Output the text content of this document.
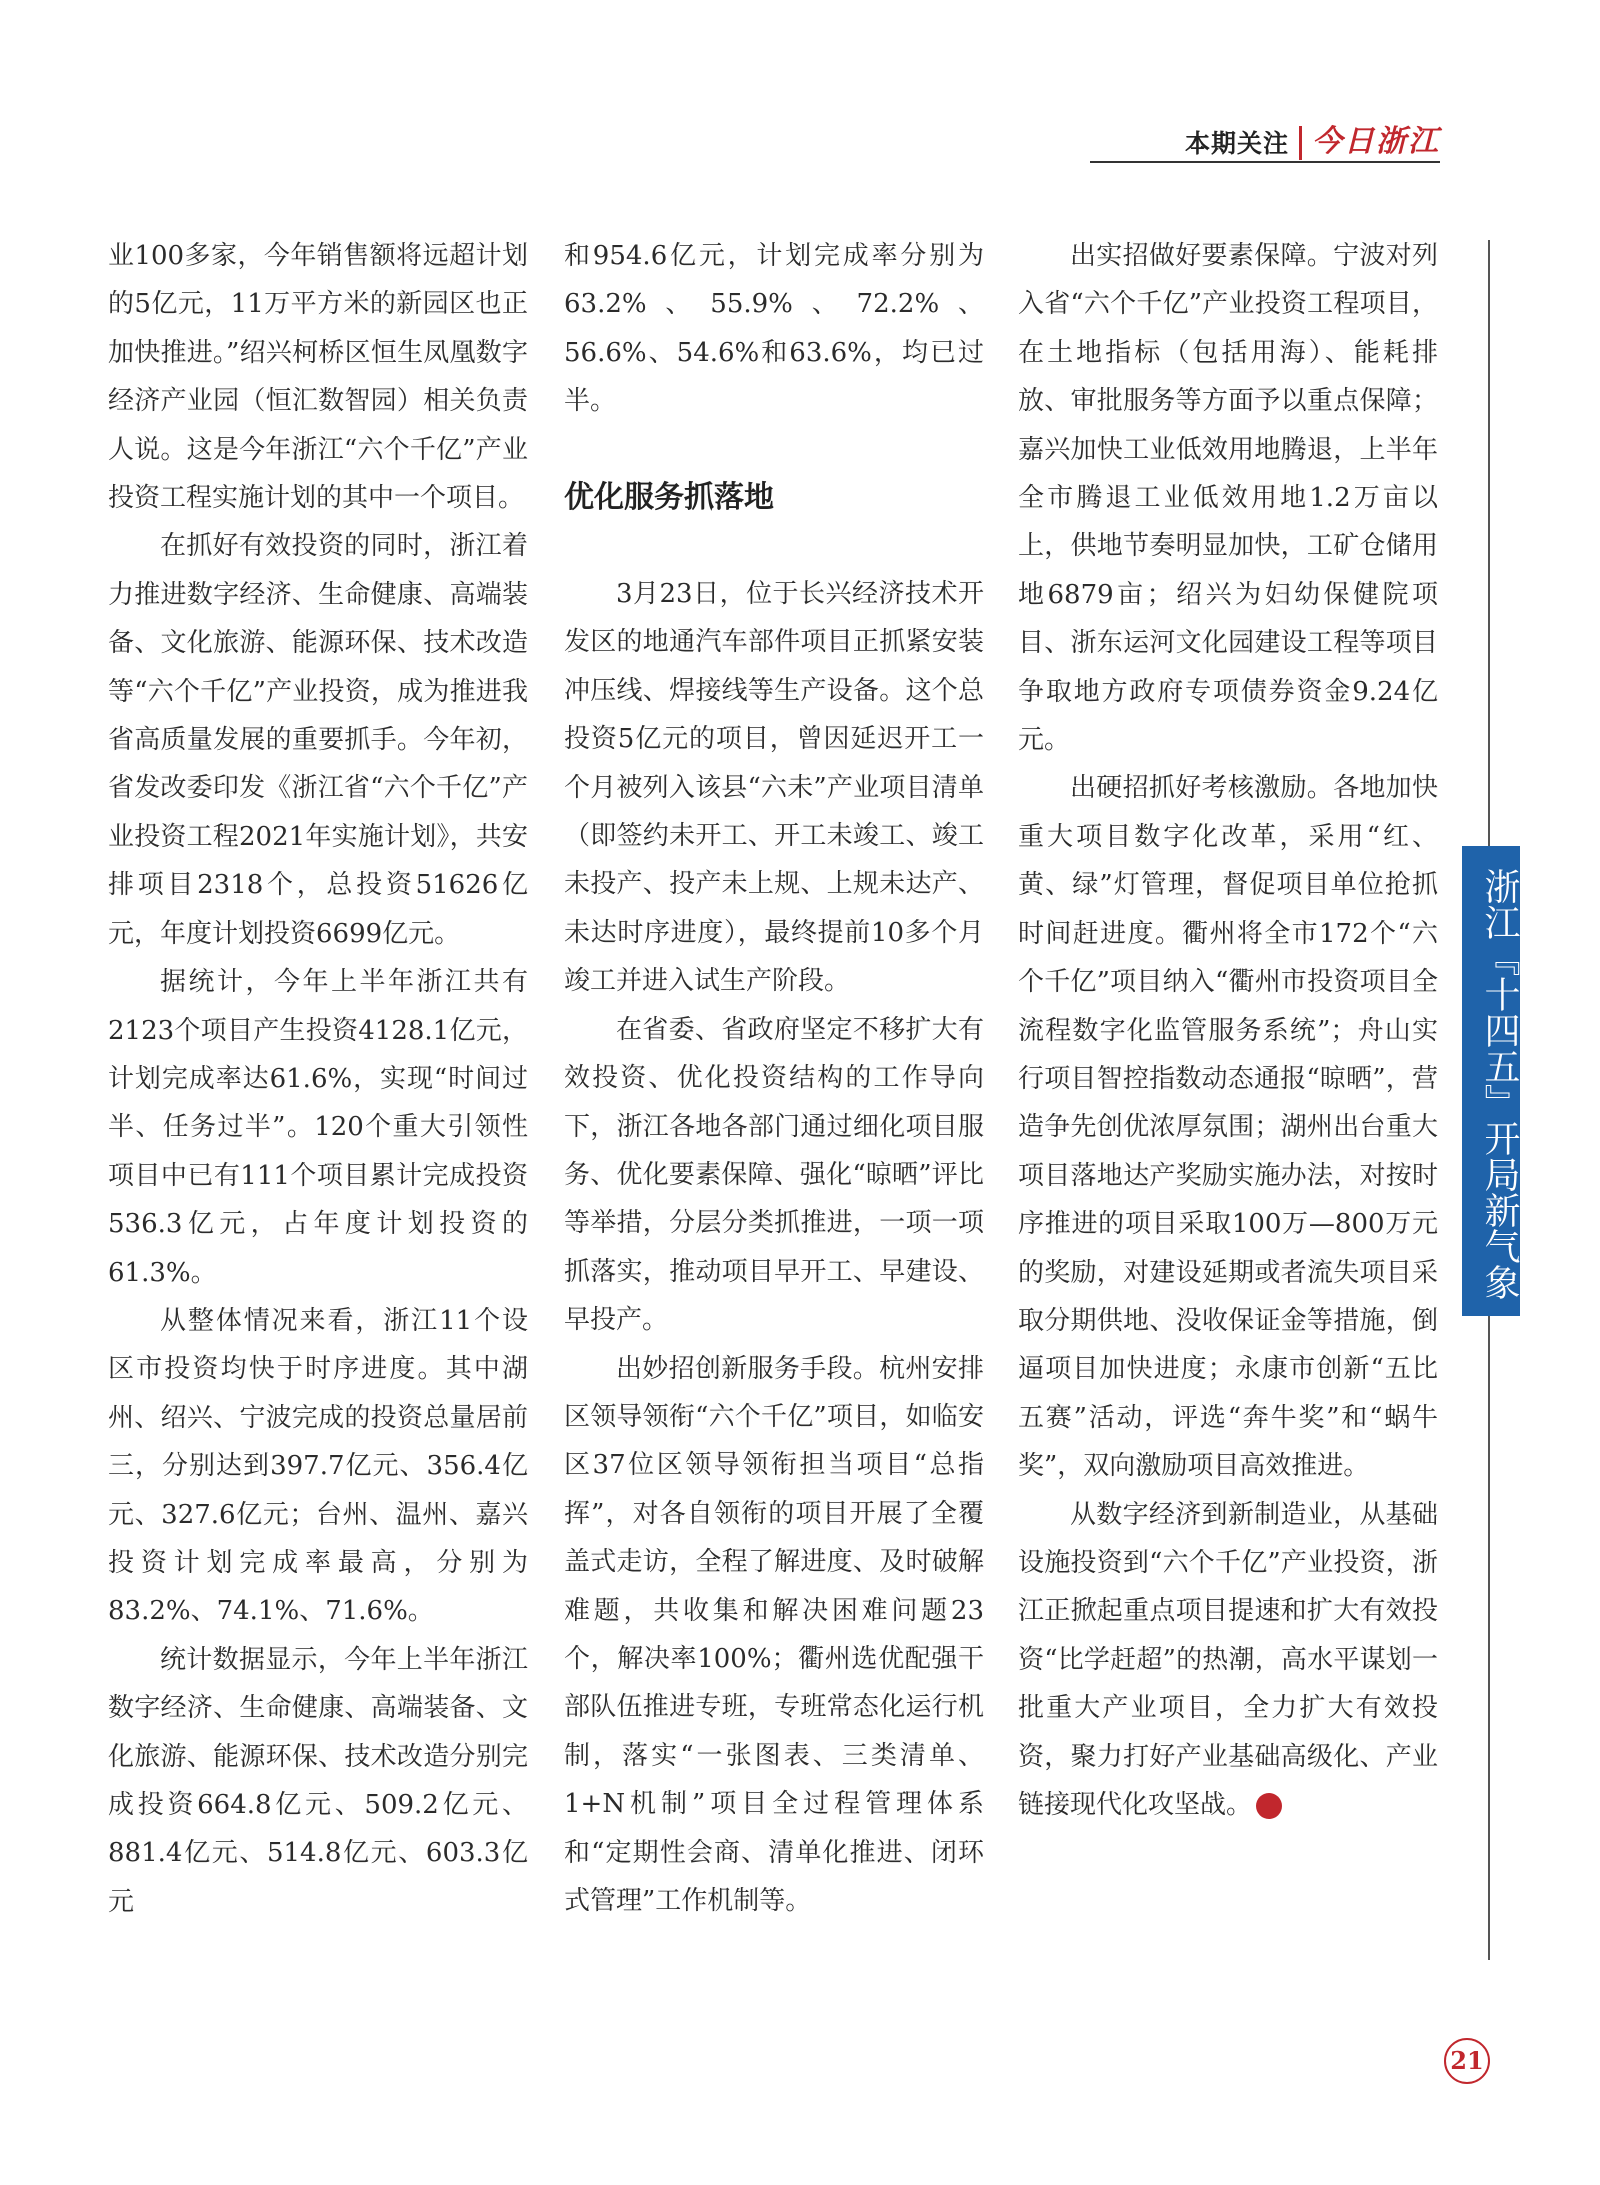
本期关注 今日浙江

业100多家，今年销售额将远超计划的5亿元，11万平方米的新园区也正加快推进。”绍兴柯桥区恒生凤凰数字经济产业园（恒汇数智园）相关负责人说。这是今年浙江“六个千亿”产业投资工程实施计划的其中一个项目。

在抓好有效投资的同时，浙江着力推进数字经济、生命健康、高端装备、文化旅游、能源环保、技术改造等“六个千亿”产业投资，成为推进我省高质量发展的重要抓手。今年初，省发改委印发《浙江省“六个千亿”产业投资工程2021年实施计划》，共安排项目2318个，总投资51626亿元，年度计划投资6699亿元。

据统计，今年上半年浙江共有2123个项目产生投资4128.1亿元，计划完成率达61.6%，实现“时间过半、任务过半”。120个重大引领性项目中已有111个项目累计完成投资536.3亿元，占年度计划投资的61.3%。

从整体情况来看，浙江11个设区市投资均快于时序进度。其中湖州、绍兴、宁波完成的投资总量居前三，分别达到397.7亿元、356.4亿元、327.6亿元；台州、温州、嘉兴投资计划完成率最高，分别为83.2%、74.1%、71.6%。

统计数据显示，今年上半年浙江数字经济、生命健康、高端装备、文化旅游、能源环保、技术改造分别完成投资664.8亿元、509.2亿元、881.4亿元、514.8亿元、603.3亿元

和954.6亿元，计划完成率分别为63.2%、55.9%、72.2%、56.6%、54.6%和63.6%，均已过半。

优化服务抓落地

3月23日，位于长兴经济技术开发区的地通汽车部件项目正抓紧安装冲压线、焊接线等生产设备。这个总投资5亿元的项目，曾因延迟开工一个月被列入该县“六未”产业项目清单（即签约未开工、开工未竣工、竣工未投产、投产未上规、上规未达产、未达时序进度），最终提前10多个月竣工并进入试生产阶段。

在省委、省政府坚定不移扩大有效投资、优化投资结构的工作导向下，浙江各地各部门通过细化项目服务、优化要素保障、强化“晾晒”评比等举措，分层分类抓推进，一项一项抓落实，推动项目早开工、早建设、早投产。

出妙招创新服务手段。杭州安排区领导领衔“六个千亿”项目，如临安区37位区领导领衔担当项目“总指挥”，对各自领衔的项目开展了全覆盖式走访，全程了解进度、及时破解难题，共收集和解决困难问题23个，解决率100%；衢州选优配强干部队伍推进专班，专班常态化运行机制，落实“一张图表、三类清单、1+N机制”项目全过程管理体系和“定期性会商、清单化推进、闭环式管理”工作机制等。

出实招做好要素保障。宁波对列入省“六个千亿”产业投资工程项目，在土地指标（包括用海）、能耗排放、审批服务等方面予以重点保障；嘉兴加快工业低效用地腾退，上半年全市腾退工业低效用地1.2万亩以上，供地节奏明显加快，工矿仓储用地6879亩；绍兴为妇幼保健院项目、浙东运河文化园建设工程等项目争取地方政府专项债券资金9.24亿元。

出硬招抓好考核激励。各地加快重大项目数字化改革，采用“红、黄、绿”灯管理，督促项目单位抢抓时间赶进度。衢州将全市172个“六个千亿”项目纳入“衢州市投资项目全流程数字化监管服务系统”；舟山实行项目智控指数动态通报“晾晒”，营造争先创优浓厚氛围；湖州出台重大项目落地达产奖励实施办法，对按时序推进的项目采取100万—800万元的奖励，对建设延期或者流失项目采取分期供地、没收保证金等措施，倒逼项目加快进度；永康市创新“五比五赛”活动，评选“奔牛奖”和“蜗牛奖”，双向激励项目高效推进。

从数字经济到新制造业，从基础设施投资到“六个千亿”产业投资，浙江正掀起重点项目提速和扩大有效投资“比学赶超”的热潮，高水平谋划一批重大产业项目，全力扩大有效投资，聚力打好产业基础高级化、产业链接现代化攻坚战。	今

浙江『十四五』开局新气象
21
